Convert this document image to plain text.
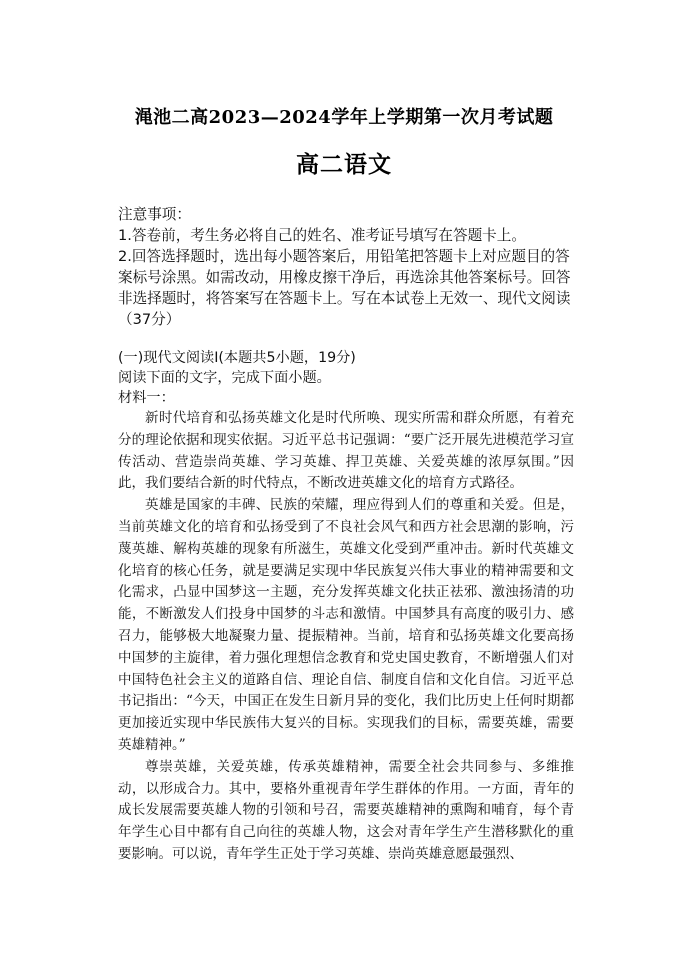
渑池二高2023—2024学年上学期第一次月考试题
高二语文
注意事项：
1.答卷前，考生务必将自己的姓名、准考证号填写在答题卡上。
2.回答选择题时，选出每小题答案后，用铅笔把答题卡上对应题目的答案标号涂黑。如需改动，用橡皮擦干净后，再选涂其他答案标号。回答非选择题时，将答案写在答题卡上。写在本试卷上无效一、现代文阅读（37分）
(一)现代文阅读I(本题共5小题，19分)
阅读下面的文字，完成下面小题。
材料一：

新时代培育和弘扬英雄文化是时代所唤、现实所需和群众所愿，有着充分的理论依据和现实依据。习近平总书记强调：“要广泛开展先进模范学习宣传活动、营造崇尚英雄、学习英雄、捍卫英雄、关爱英雄的浓厚氛围。”因此，我们要结合新的时代特点，不断改进英雄文化的培育方式路径。

英雄是国家的丰碑、民族的荣耀，理应得到人们的尊重和关爱。但是，当前英雄文化的培育和弘扬受到了不良社会风气和西方社会思潮的影响，污蔑英雄、解构英雄的现象有所滋生，英雄文化受到严重冲击。新时代英雄文化培育的核心任务，就是要满足实现中华民族复兴伟大事业的精神需要和文化需求，凸显中国梦这一主题，充分发挥英雄文化扶正祛邪、激浊扬清的功能，不断激发人们投身中国梦的斗志和激情。中国梦具有高度的吸引力、感召力，能够极大地凝聚力量、提振精神。当前，培育和弘扬英雄文化要高扬中国梦的主旋律，着力强化理想信念教育和党史国史教育，不断增强人们对中国特色社会主义的道路自信、理论自信、制度自信和文化自信。习近平总书记指出：“今天，中国正在发生日新月异的变化，我们比历史上任何时期都更加接近实现中华民族伟大复兴的目标。实现我们的目标，需要英雄，需要英雄精神。”

尊崇英雄，关爱英雄，传承英雄精神，需要全社会共同参与、多维推动，以形成合力。其中，要格外重视青年学生群体的作用。一方面，青年的成长发展需要英雄人物的引领和号召，需要英雄精神的熏陶和哺育，每个青年学生心目中都有自己向往的英雄人物，这会对青年学生产生潜移默化的重要影响。可以说，青年学生正处于学习英雄、崇尚英雄意愿最强烈、
